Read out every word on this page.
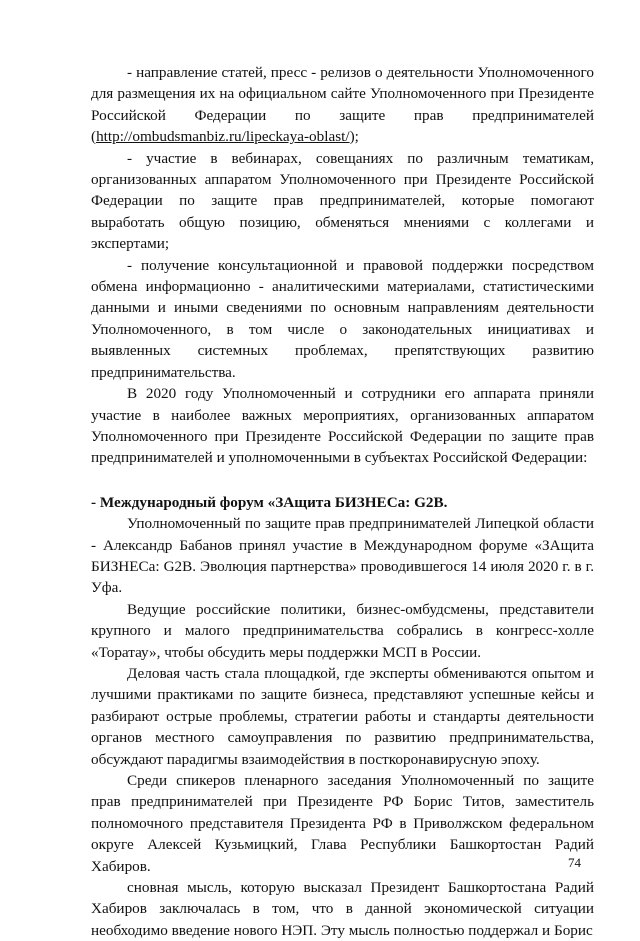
- направление статей, пресс - релизов о деятельности Уполномоченного для размещения их на официальном сайте Уполномоченного при Президенте Российской Федерации по защите прав предпринимателей (http://ombudsmanbiz.ru/lipeckaya-oblast/);

- участие в вебинарах, совещаниях по различным тематикам, организованных аппаратом Уполномоченного при Президенте Российской Федерации по защите прав предпринимателей, которые помогают выработать общую позицию, обменяться мнениями с коллегами и экспертами;

- получение консультационной и правовой поддержки посредством обмена информационно - аналитическими материалами, статистическими данными и иными сведениями по основным направлениям деятельности Уполномоченного, в том числе о законодательных инициативах и выявленных системных проблемах, препятствующих развитию предпринимательства.

В 2020 году Уполномоченный и сотрудники его аппарата приняли участие в наиболее важных мероприятиях, организованных аппаратом Уполномоченного при Президенте Российской Федерации по защите прав предпринимателей и уполномоченными в субъектах Российской Федерации:

- Международный форум «ЗАщита БИЗНЕСа: G2B.

Уполномоченный по защите прав предпринимателей Липецкой области - Александр Бабанов принял участие в Международном форуме «ЗАщита БИЗНЕСа: G2B. Эволюция партнерства» проводившегося 14 июля 2020 г. в г. Уфа.

Ведущие российские политики, бизнес-омбудсмены, представители крупного и малого предпринимательства собрались в конгресс-холле «Торатау», чтобы обсудить меры поддержки МСП в России.

Деловая часть стала площадкой, где эксперты обмениваются опытом и лучшими практиками по защите бизнеса, представляют успешные кейсы и разбирают острые проблемы, стратегии работы и стандарты деятельности органов местного самоуправления по развитию предпринимательства, обсуждают парадигмы взаимодействия в посткоронавирусную эпоху.

Среди спикеров пленарного заседания Уполномоченный по защите прав предпринимателей при Президенте РФ Борис Титов, заместитель полномочного представителя Президента РФ в Приволжском федеральном округе Алексей Кузьмицкий, Глава Республики Башкортостан Радий Хабиров.

сновная мысль, которую высказал Президент Башкортостана Радий Хабиров заключалась в том, что в данной экономической ситуации необходимо введение нового НЭП. Эту мысль полностью поддержал и Борис

74
